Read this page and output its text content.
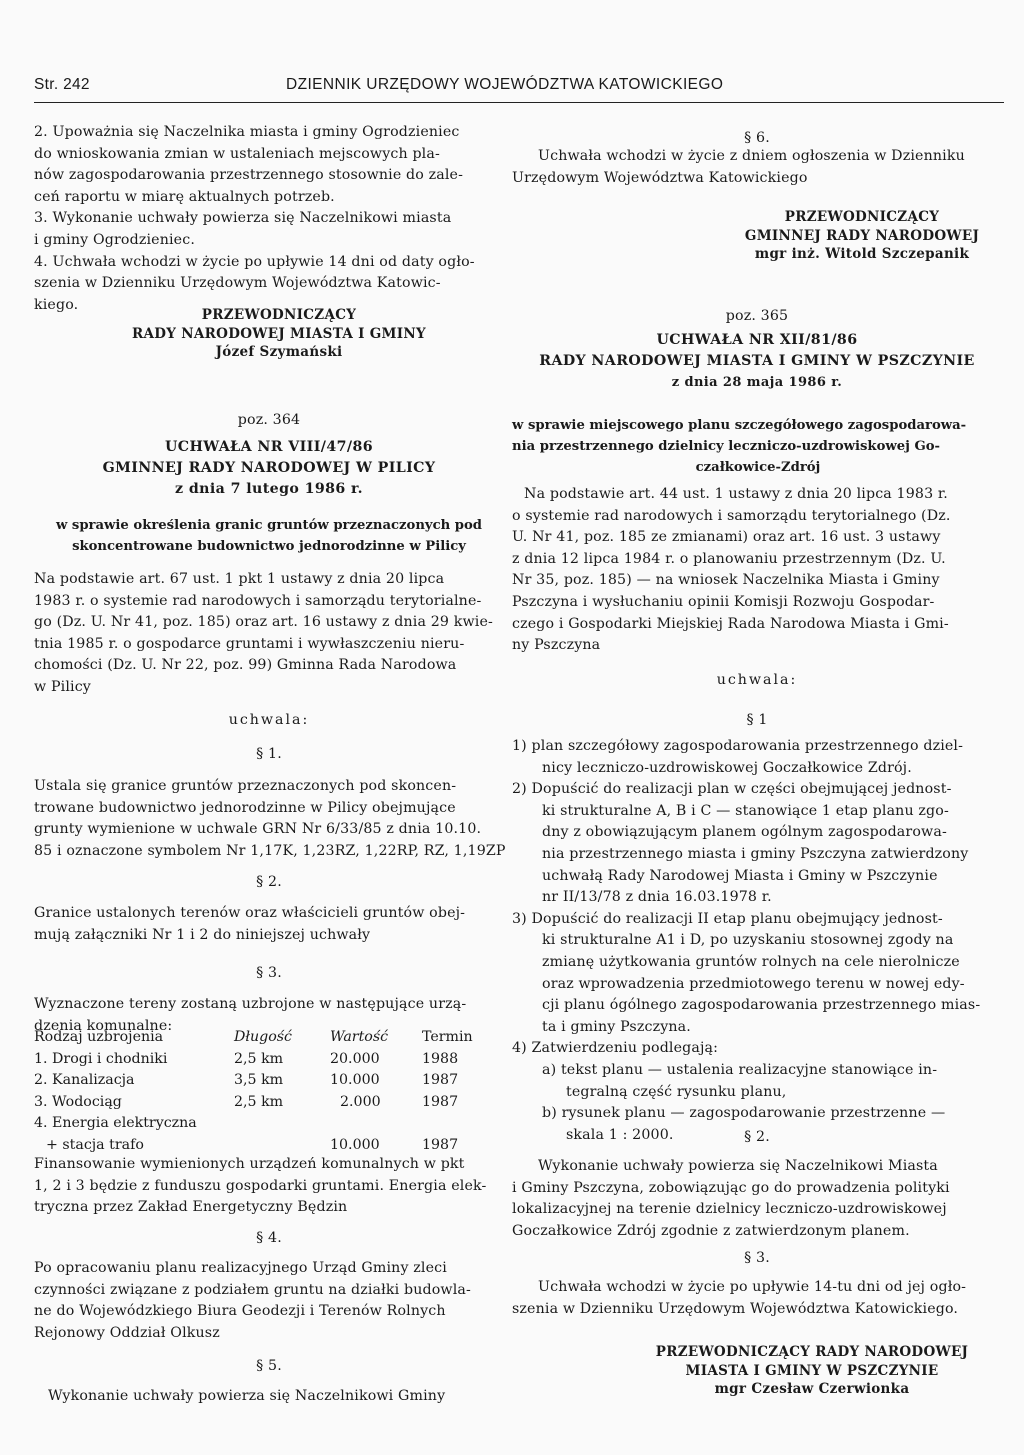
Str. 242	DZIENNIK URZĘDOWY WOJEWÓDZTWA KATOWICKIEGO
2. Upoważnia się Naczelnika miasta i gminy Ogrodzieniec
do wnioskowania zmian w ustaleniach mejscowych pla-
nów zagospodarowania przestrzennego stosownie do zale-
ceń raportu w miarę aktualnych potrzeb.
3. Wykonanie uchwały powierza się Naczelnikowi miasta
i gminy Ogrodzieniec.
4. Uchwała wchodzi w życie po upływie 14 dni od daty ogło-
szenia w Dzienniku Urzędowym Województwa Katowic-
kiego.
PRZEWODNICZĄCY
RADY NARODOWEJ MIASTA I GMINY
Józef Szymański
poz. 364
UCHWAŁA NR VIII/47/86
GMINNEJ RADY NARODOWEJ W PILICY
z dnia 7 lutego 1986 r.
w sprawie określenia granic gruntów przeznaczonych pod
skoncentrowane budownictwo jednorodzinne w Pilicy
Na podstawie art. 67 ust. 1 pkt 1 ustawy z dnia 20 lipca
1983 r. o systemie rad narodowych i samorządu terytorialne-
go (Dz. U. Nr 41, poz. 185) oraz art. 16 ustawy z dnia 29 kwie-
tnia 1985 r. o gospodarce gruntami i wywłaszczeniu nieru-
chomości (Dz. U. Nr 22, poz. 99) Gminna Rada Narodowa
w Pilicy
uchwala:
§ 1.
Ustala się granice gruntów przeznaczonych pod skoncen-
trowane budownictwo jednorodzinne w Pilicy obejmujące
grunty wymienione w uchwale GRN Nr 6/33/85 z dnia 10.10.
85 i oznaczone symbolem Nr 1,17K, 1,23RZ, 1,22RP, RZ, 1,19ZP
§ 2.
Granice ustalonych terenów oraz właścicieli gruntów obej-
mują załączniki Nr 1 i 2 do niniejszej uchwały
§ 3.
Wyznaczone tereny zostaną uzbrojone w następujące urzą-
dzenia komunalne:
Rodzaj uzbrojenia	Długość	Wartość Termin
1. Drogi i chodniki	2,5 km	20.000	1988
2. Kanalizacja	3,5 km	10.000	1987
3. Wodociąg	2,5 km	2.000	1987
4. Energia elektryczna
+ stacja trafo	10.000	1987
Finansowanie wymienionych urządzeń komunalnych w pkt
1, 2 i 3 będzie z funduszu gospodarki gruntami. Energia elek-
tryczna przez Zakład Energetyczny Będzin
§ 4.
Po opracowaniu planu realizacyjnego Urząd Gminy zleci
czynności związane z podziałem gruntu na działki budowla-
ne do Wojewódzkiego Biura Geodezji i Terenów Rolnych
Rejonowy Oddział Olkusz
§ 5.
Wykonanie uchwały powierza się Naczelnikowi Gminy
§ 6.
Uchwała wchodzi w życie z dniem ogłoszenia w Dzienniku
Urzędowym Województwa Katowickiego
PRZEWODNICZĄCY
GMINNEJ RADY NARODOWEJ
mgr inż. Witold Szczepanik
poz. 365
UCHWAŁA NR XII/81/86
RADY NARODOWEJ MIASTA I GMINY W PSZCZYNIE
z dnia 28 maja 1986 r.
w sprawie miejscowego planu szczegółowego zagospodarowa-
nia przestrzennego dzielnicy leczniczo-uzdrowiskowej Go-
czałkowice-Zdrój
Na podstawie art. 44 ust. 1 ustawy z dnia 20 lipca 1983 r.
o systemie rad narodowych i samorządu terytorialnego (Dz.
U. Nr 41, poz. 185 ze zmianami) oraz art. 16 ust. 3 ustawy
z dnia 12 lipca 1984 r. o planowaniu przestrzennym (Dz. U.
Nr 35, poz. 185) — na wniosek Naczelnika Miasta i Gminy
Pszczyna i wysłuchaniu opinii Komisji Rozwoju Gospodar-
czego i Gospodarki Miejskiej Rada Narodowa Miasta i Gmi-
ny Pszczyna
uchwala:
§ 1
1) plan szczegółowy zagospodarowania przestrzennego dziel-
nicy leczniczo-uzdrowiskowej Goczałkowice Zdrój.
2) Dopuścić do realizacji plan w części obejmującej jednost-
ki strukturalne A, B i C — stanowiące 1 etap planu zgo-
dny z obowiązującym planem ogólnym zagospodarowa-
nia przestrzennego miasta i gminy Pszczyna zatwierdzony
uchwałą Rady Narodowej Miasta i Gminy w Pszczynie
nr II/13/78 z dnia 16.03.1978 r.
3) Dopuścić do realizacji II etap planu obejmujący jednost-
ki strukturalne A1 i D, po uzyskaniu stosownej zgody na
zmianę użytkowania gruntów rolnych na cele nierolnicze
oraz wprowadzenia przedmiotowego terenu w nowej edy-
cji planu ógólnego zagospodarowania przestrzennego mias-
ta i gminy Pszczyna.
4) Zatwierdzeniu podlegają:
a) tekst planu — ustalenia realizacyjne stanowiące in-
tegralną część rysunku planu,
b) rysunek planu — zagospodarowanie przestrzenne —
skala 1 : 2000.	§ 2.
Wykonanie uchwały powierza się Naczelnikowi Miasta
i Gminy Pszczyna, zobowiązując go do prowadzenia polityki
lokalizacyjnej na terenie dzielnicy leczniczo-uzdrowiskowej
Goczałkowice Zdrój zgodnie z zatwierdzonym planem.
§ 3.
Uchwała wchodzi w życie po upływie 14-tu dni od jej ogło-
szenia w Dzienniku Urzędowym Województwa Katowickiego.
PRZEWODNICZĄCY RADY NARODOWEJ
MIASTA I GMINY W PSZCZYNIE
mgr Czesław Czerwionka
